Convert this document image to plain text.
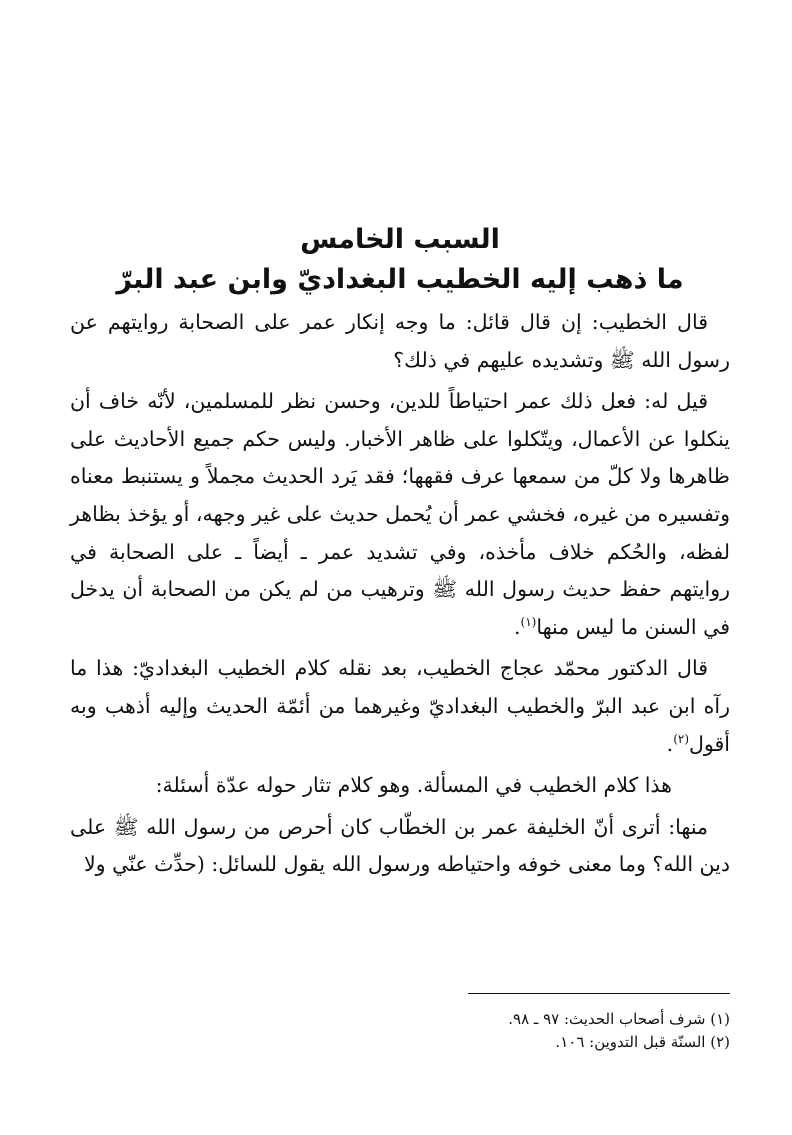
السبب الخامس
ما ذهب إليه الخطيب البغداديّ وابن عبد البرّ

قال الخطيب: إن قال قائل: ما وجه إنكار عمر على الصحابة روايتهم عن رسول الله ﷺ وتشديده عليهم في ذلك؟

قيل له: فعل ذلك عمر احتياطاً للدين، وحسن نظر للمسلمين، لأنّه خاف أن ينكلوا عن الأعمال، ويتّكلوا على ظاهر الأخبار. وليس حكم جميع الأحاديث على ظاهرها ولا كلّ من سمعها عرف فقهها؛ فقد يَرد الحديث مجملاً و يستنبط معناه وتفسيره من غيره، فخشي عمر أن يُحمل حديث على غير وجهه، أو يؤخذ بظاهر لفظه، والحُكم خلاف مأخذه، وفي تشديد عمر ـ أيضاً ـ على الصحابة في روايتهم حفظ حديث رسول الله ﷺ وترهيب من لم يكن من الصحابة أن يدخل في السنن ما ليس منها$^{(١)}$.

قال الدكتور محمّد عجاج الخطيب، بعد نقله كلام الخطيب البغداديّ: هذا ما رآه ابن عبد البرّ والخطيب البغداديّ وغيرهما من أئمّة الحديث وإليه أذهب وبه أقول$^{(٢)}$.

هذا كلام الخطيب في المسألة. وهو كلام تثار حوله عدّة أسئلة:

منها: أترى أنّ الخليفة عمر بن الخطّاب كان أحرص من رسول الله ﷺ على دين الله؟ وما معنى خوفه واحتياطه ورسول الله يقول للسائل: (حدِّث عنّي ولا

(١) شرف أصحاب الحديث: ٩٧ ـ ٩٨.

(٢) السنّة قبل التدوين: ١٠٦.
